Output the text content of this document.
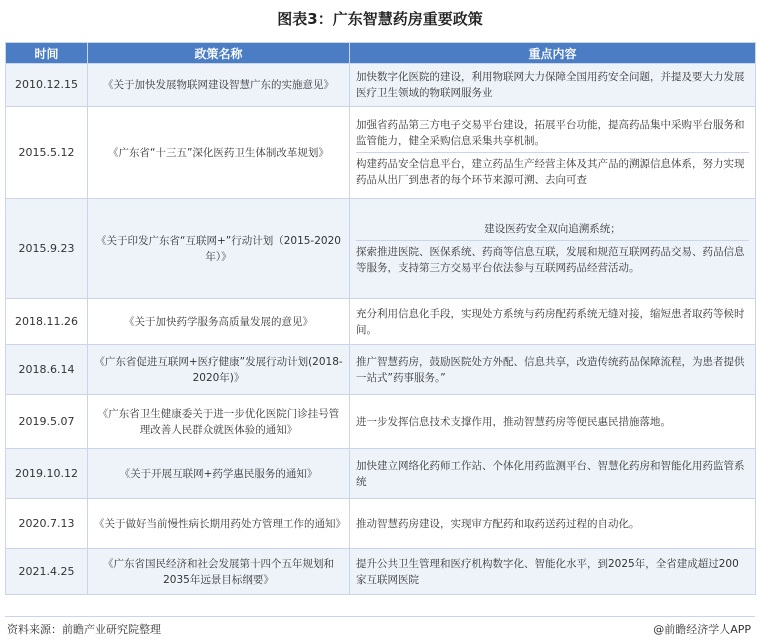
图表3：广东智慧药房重要政策
时间	政策名称	重点内容
2010.12.15	《关于加快发展物联网建设智慧广东的实施意见》	加快数字化医院的建设，利用物联网大力保障全国用药安全问题，并提及要大力发展医疗卫生领域的物联网服务业

2015.5.12	《广东省“十三五”深化医药卫生体制改革规划》	加强省药品第三方电子交易平台建设，拓展平台功能，提高药品集中采购平台服务和监管能力，健全采购信息采集共享机制。
构建药品安全信息平台，建立药品生产经营主体及其产品的溯源信息体系，努力实现药品从出厂到患者的每个环节来源可溯、去向可查

2015.9.23	《关于印发广东省“互联网+”行动计划（2015-2020年）》	建设医药安全双向追溯系统；
探索推进医院、医保系统、药商等信息互联，发展和规范互联网药品交易、药品信息等服务，支持第三方交易平台依法参与互联网药品经营活动。

2018.11.26	《关于加快药学服务高质量发展的意见》	充分利用信息化手段，实现处方系统与药房配药系统无缝对接，缩短患者取药等候时间。

2018.6.14	《广东省促进互联网+医疗健康”发展行动计划(2018-2020年)》	推广智慧药房，鼓励医院处方外配、信息共享，改造传统药品保障流程，为患者提供一站式”药事服务。”

2019.5.07	《广东省卫生健康委关于进一步优化医院门诊挂号管理改善人民群众就医体验的通知》	进一步发挥信息技术支撑作用，推动智慧药房等便民惠民措施落地。

2019.10.12	《关于开展互联网+药学惠民服务的通知》	加快建立网络化药师工作站、个体化用药监测平台、智慧化药房和智能化用药监管系统

2020.7.13	《关于做好当前慢性病长期用药处方管理工作的通知》	推动智慧药房建设，实现审方配药和取药送药过程的自动化。

2021.4.25	《广东省国民经济和社会发展第十四个五年规划和2035年远景目标纲要》	提升公共卫生管理和医疗机构数字化、智能化水平，到2025年，全省建成超过200家互联网医院
资料来源：前瞻产业研究院整理	@前瞻经济学人APP
